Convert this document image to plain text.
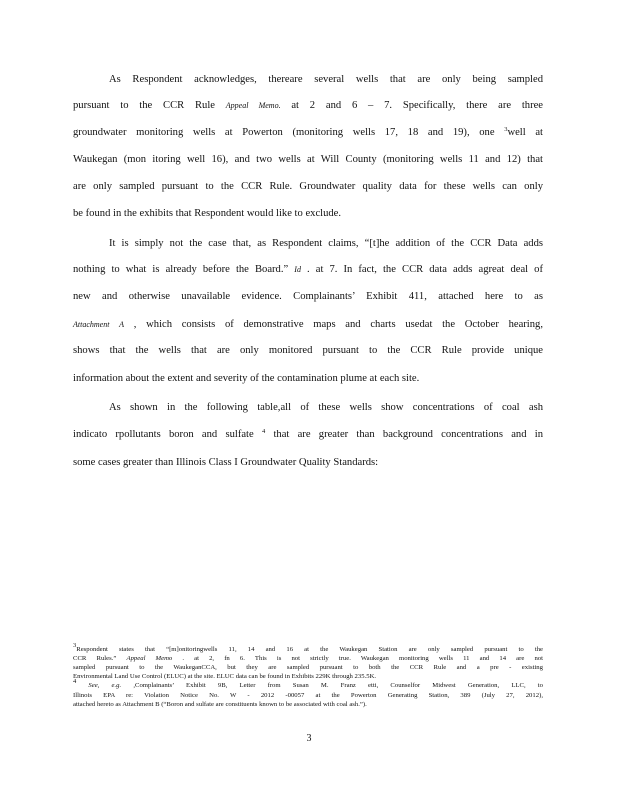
As Respondent acknowledges, thereare several wells that are only being sampled
pursuant to the CCR Rule Appeal Memo. at 2 and 6 – 7. Specifically, there are three
groundwater monitoring wells at Powerton (monitoring wells 17, 18 and 19), one $^3$well at
Waukegan (mon itoring well 16), and two wells at Will County (monitoring wells 11 and 12) that
are only sampled pursuant to the CCR Rule. Groundwater quality data for these wells can only
be found in the exhibits that Respondent would like to exclude.
It is simply not the case that, as Respondent claims, “[t]he addition of the CCR Data adds
nothing to what is already before the Board.” Id . at 7. In fact, the CCR data adds agreat deal of
new and otherwise unavailable evidence. Complainants’ Exhibit 411, attached here to as
Attachment A , which consists of demonstrative maps and charts usedat the October hearing,
shows that the wells that are only monitored pursuant to the CCR Rule provide unique
information about the extent and severity of the contamination plume at each site.
As shown in the following table,all of these wells show concentrations of coal ash
indicato rpollutants boron and sulfate $^4$ that are greater than background concentrations and in
some cases greater than Illinois Class I Groundwater Quality Standards:
$^3$Respondent states that “[m]onitoringwells 11, 14 and 16 at the Waukegan Station are only sampled pursuant to the
CCR Rules.” Appeal Memo . at 2, fn 6. This is not strictly true. Waukegan monitoring wells 11 and 14 are not
sampled pursuant to the WaukeganCCA, but they are sampled pursuant to both the CCR Rule and a pre - existing
Environmental Land Use Control (ELUC) at the site. ELUC data can be found in Exhibits 229K through 235.5K.
$^4$ See, e.g. ,Complainants’ Exhibit 9B, Letter from Susan M. Franz etti, Counselfor Midwest Generation, LLC, to
Illinois EPA re: Violation Notice No. W - 2012 -00057 at the Powerton Generating Station, 389 (July 27, 2012),
attached hereto as Attachment B (“Boron and sulfate are constituents known to be associated with coal ash.”).
3
